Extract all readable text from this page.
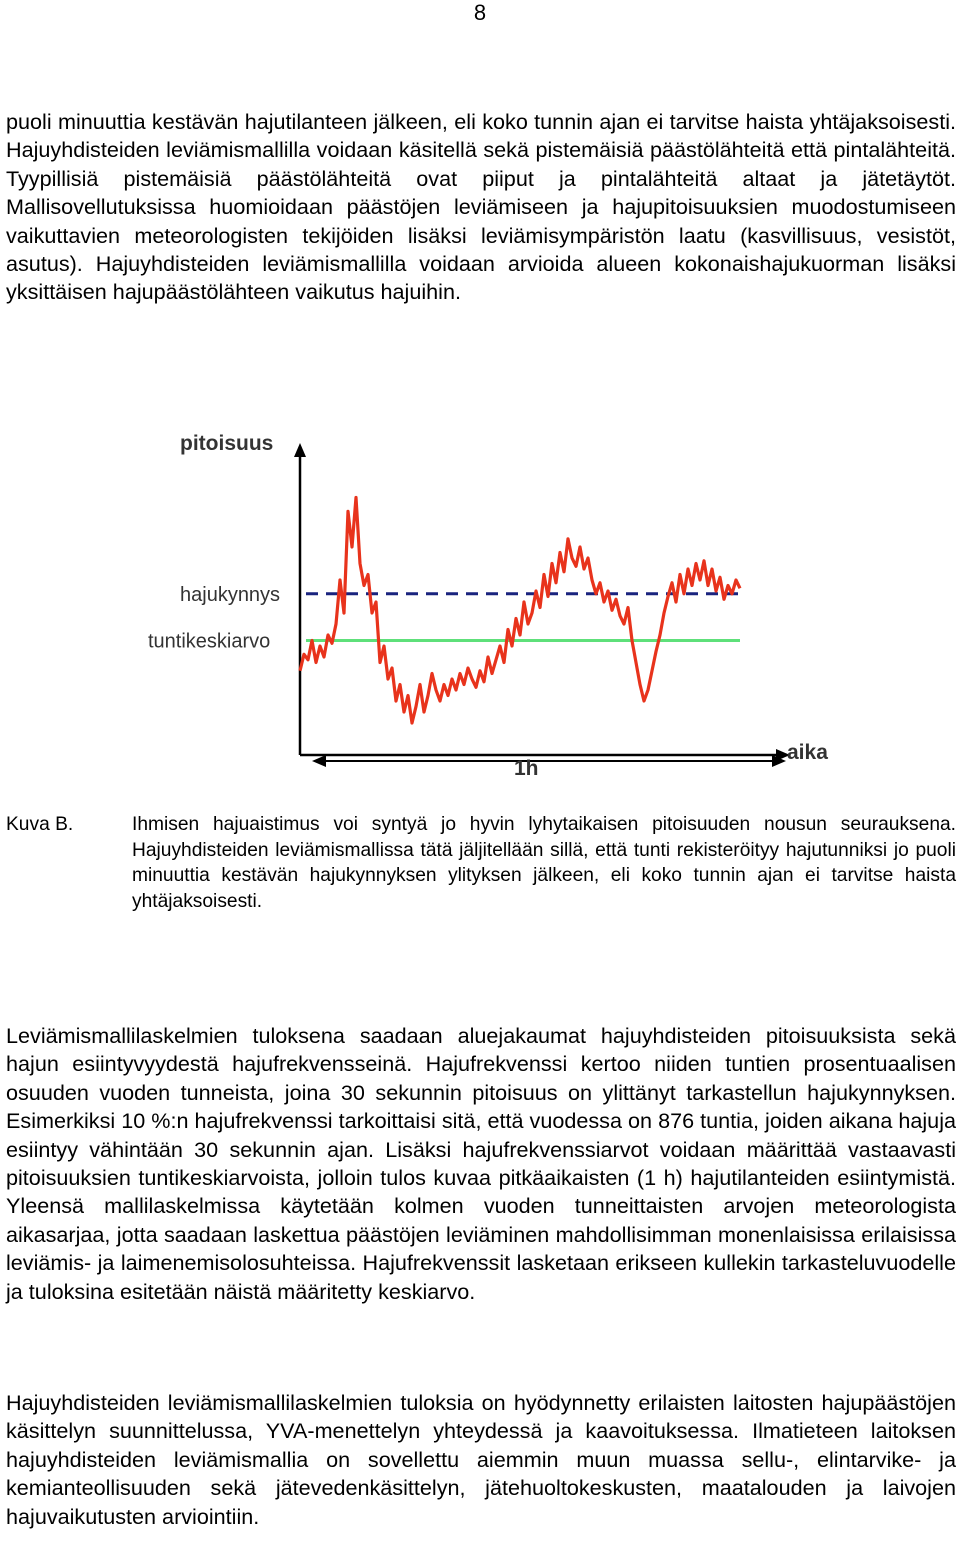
8

puoli minuuttia kestävän hajutilanteen jälkeen, eli koko tunnin ajan ei tarvitse haista yhtäjaksoisesti. Hajuyhdisteiden leviämismallilla voidaan käsitellä sekä pistemäisiä päästölähteitä että pintalähteitä. Tyypillisiä pistemäisiä päästölähteitä ovat piiput ja pintalähteitä altaat ja jätetäytöt. Mallisovellutuksissa huomioidaan päästöjen leviämiseen ja hajupitoisuuksien muodostumiseen vaikuttavien meteorologisten tekijöiden lisäksi leviämisympäristön laatu (kasvillisuus, vesistöt, asutus). Hajuyhdisteiden leviämismallilla voidaan arvioida alueen kokonaishajukuorman lisäksi yksittäisen hajupäästölähteen vaikutus hajuihin.

pitoisuus
aika
hajukynnys
tuntikeskiarvo
1h
Kuva B.	Ihmisen hajuaistimus voi syntyä jo hyvin lyhytaikaisen pitoisuuden nousun seurauksena. Hajuyhdisteiden leviämismallissa tätä jäljitellään sillä, että tunti rekisteröityy hajutunniksi jo puoli minuuttia kestävän hajukynnyksen ylityksen jälkeen, eli koko tunnin ajan ei tarvitse haista yhtäjaksoisesti.

Leviämismallilaskelmien tuloksena saadaan aluejakaumat hajuyhdisteiden pitoisuuksista sekä hajun esiintyvyydestä hajufrekvensseinä. Hajufrekvenssi kertoo niiden tuntien prosentuaalisen osuuden vuoden tunneista, joina 30 sekunnin pitoisuus on ylittänyt tarkastellun hajukynnyksen. Esimerkiksi 10 %:n hajufrekvenssi tarkoittaisi sitä, että vuodessa on 876 tuntia, joiden aikana hajuja esiintyy vähintään 30 sekunnin ajan. Lisäksi hajufrekvenssiarvot voidaan määrittää vastaavasti pitoisuuksien tuntikeskiarvoista, jolloin tulos kuvaa pitkäaikaisten (1 h) hajutilanteiden esiintymistä. Yleensä mallilaskelmissa käytetään kolmen vuoden tunneittaisten arvojen meteorologista aikasarjaa, jotta saadaan laskettua päästöjen leviäminen mahdollisimman monenlaisissa erilaisissa leviämis- ja laimenemisolosuhteissa. Hajufrekvenssit lasketaan erikseen kullekin tarkasteluvuodelle ja tuloksina esitetään näistä määritetty keskiarvo.

Hajuyhdisteiden leviämismallilaskelmien tuloksia on hyödynnetty erilaisten laitosten hajupäästöjen käsittelyn suunnittelussa, YVA-menettelyn yhteydessä ja kaavoituksessa. Ilmatieteen laitoksen hajuyhdisteiden leviämismallia on sovellettu aiemmin muun muassa sellu-, elintarvike- ja kemianteollisuuden sekä jätevedenkäsittelyn, jätehuoltokeskusten, maatalouden ja laivojen hajuvaikutusten arviointiin.
